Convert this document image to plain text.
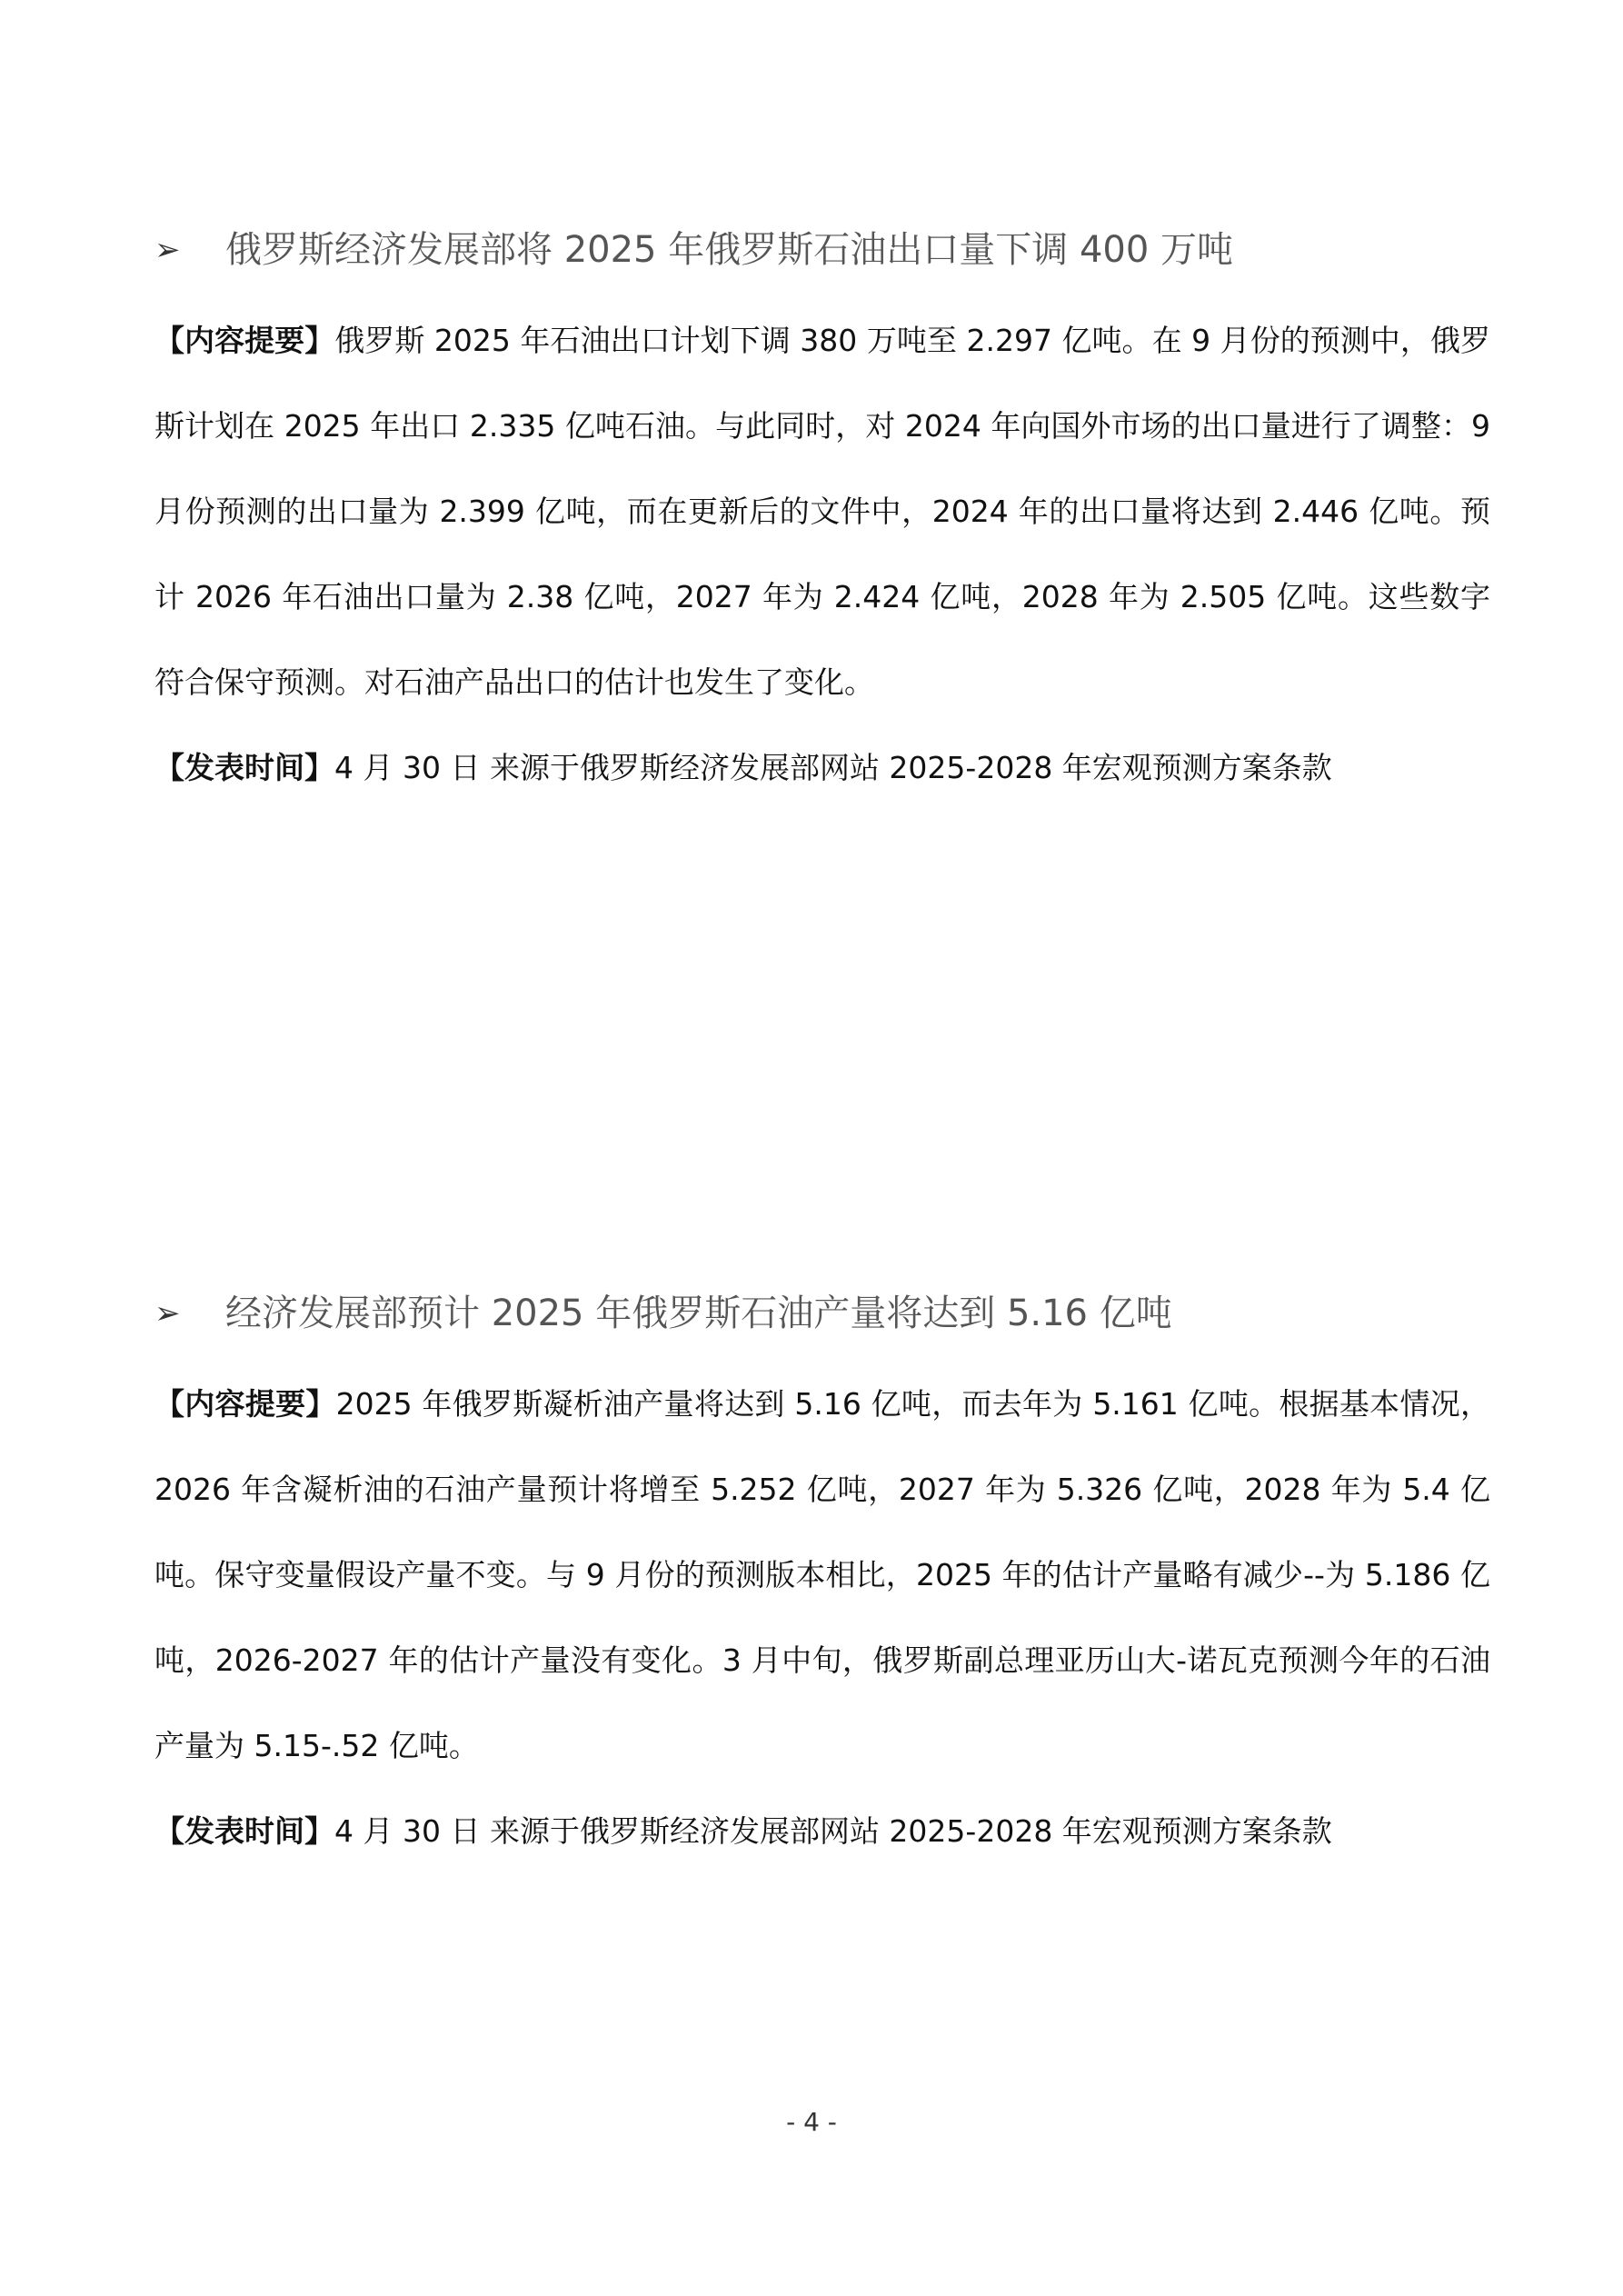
➢ 俄罗斯经济发展部将 2025 年俄罗斯石油出口量下调 400 万吨
【内容提要】俄罗斯 2025 年石油出口计划下调 380 万吨至 2.297 亿吨。在 9 月份的预测中，俄罗斯计划在 2025 年出口 2.335 亿吨石油。与此同时，对 2024 年向国外市场的出口量进行了调整：9 月份预测的出口量为 2.399 亿吨，而在更新后的文件中，2024 年的出口量将达到 2.446 亿吨。预计 2026 年石油出口量为 2.38 亿吨，2027 年为 2.424 亿吨，2028 年为 2.505 亿吨。这些数字符合保守预测。对石油产品出口的估计也发生了变化。
【发表时间】4 月 30 日 来源于俄罗斯经济发展部网站 2025-2028 年宏观预测方案条款
➢ 经济发展部预计 2025 年俄罗斯石油产量将达到 5.16 亿吨
【内容提要】2025 年俄罗斯凝析油产量将达到 5.16 亿吨，而去年为 5.161 亿吨。根据基本情况，2026 年含凝析油的石油产量预计将增至 5.252 亿吨，2027 年为 5.326 亿吨，2028 年为 5.4 亿吨。保守变量假设产量不变。与 9 月份的预测版本相比，2025 年的估计产量略有减少--为 5.186 亿吨，2026-2027 年的估计产量没有变化。3 月中旬，俄罗斯副总理亚历山大-诺瓦克预测今年的石油产量为 5.15-.52 亿吨。
【发表时间】4 月 30 日 来源于俄罗斯经济发展部网站 2025-2028 年宏观预测方案条款
- 4 -
